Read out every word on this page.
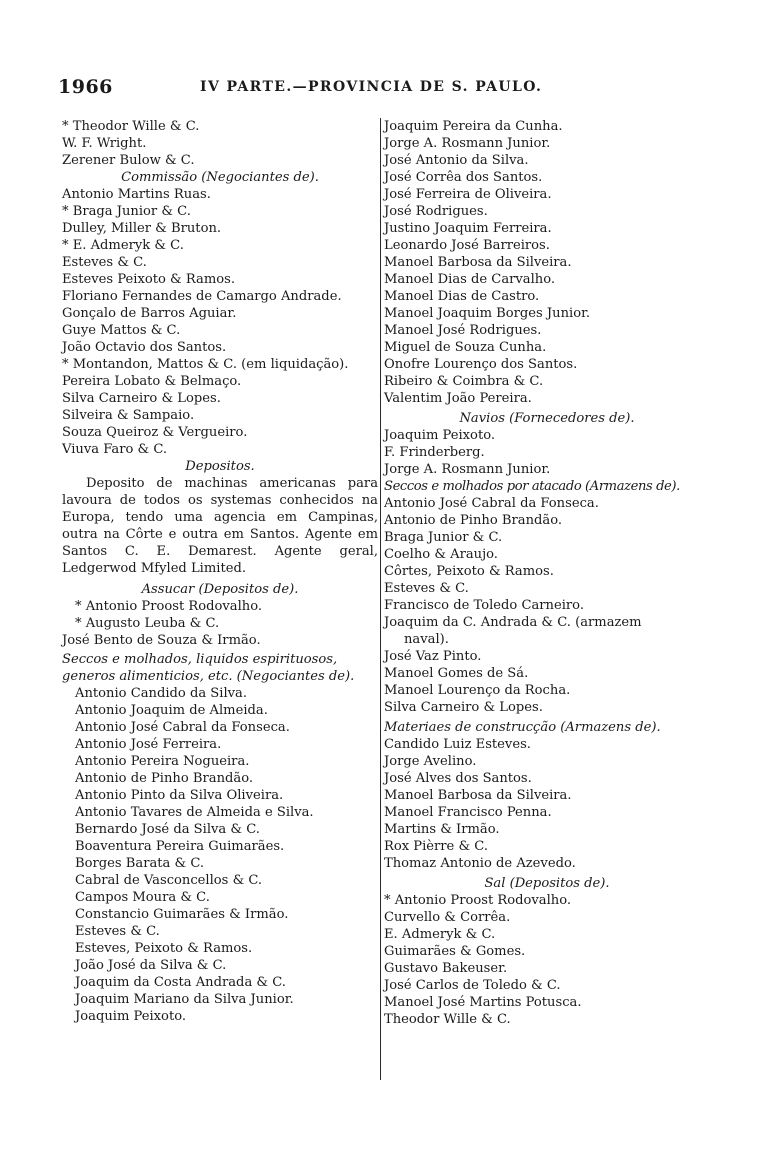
1966	IV PARTE.—PROVINCIA DE S. PAULO.
* Theodor Wille & C.
W. F. Wright.
Zerener Bulow & C.
Commissão (Negociantes de).
Antonio Martins Ruas.
* Braga Junior & C.
Dulley, Miller & Bruton.
* E. Admeryk & C.
Esteves & C.
Esteves Peixoto & Ramos.
Floriano Fernandes de Camargo Andrade.
Gonçalo de Barros Aguiar.
Guye Mattos & C.
João Octavio dos Santos.
* Montandon, Mattos & C. (em liquidação).
Pereira Lobato & Belmaço.
Silva Carneiro & Lopes.
Silveira & Sampaio.
Souza Queiroz & Vergueiro.
Viuva Faro & C.
Depositos.
Deposito de machinas americanas para lavoura de todos os systemas conhecidos na Europa, tendo uma agencia em Campinas, outra na Côrte e outra em Santos. Agente em Santos C. E. Demarest. Agente geral, Ledgerwod Mfyled Limited.
Assucar (Depositos de).
* Antonio Proost Rodovalho.
* Augusto Leuba & C.
José Bento de Souza & Irmão.
Seccos e molhados, liquidos espirituosos,
generos alimenticios, etc. (Negociantes de).
Antonio Candido da Silva.
Antonio Joaquim de Almeida.
Antonio José Cabral da Fonseca.
Antonio José Ferreira.
Antonio Pereira Nogueira.
Antonio de Pinho Brandão.
Antonio Pinto da Silva Oliveira.
Antonio Tavares de Almeida e Silva.
Bernardo José da Silva & C.
Boaventura Pereira Guimarães.
Borges Barata & C.
Cabral de Vasconcellos & C.
Campos Moura & C.
Constancio Guimarães & Irmão.
Esteves & C.
Esteves, Peixoto & Ramos.
João José da Silva & C.
Joaquim da Costa Andrada & C.
Joaquim Mariano da Silva Junior.
Joaquim Peixoto.
Joaquim Pereira da Cunha.
Jorge A. Rosmann Junior.
José Antonio da Silva.
José Corrêa dos Santos.
José Ferreira de Oliveira.
José Rodrigues.
Justino Joaquim Ferreira.
Leonardo José Barreiros.
Manoel Barbosa da Silveira.
Manoel Dias de Carvalho.
Manoel Dias de Castro.
Manoel Joaquim Borges Junior.
Manoel José Rodrigues.
Miguel de Souza Cunha.
Onofre Lourenço dos Santos.
Ribeiro & Coimbra & C.
Valentim João Pereira.
Navios (Fornecedores de).
Joaquim Peixoto.
F. Frinderberg.
Jorge A. Rosmann Junior.
Seccos e molhados por atacado (Armazens de).
Antonio José Cabral da Fonseca.
Antonio de Pinho Brandão.
Braga Junior & C.
Coelho & Araujo.
Côrtes, Peixoto & Ramos.
Esteves & C.
Francisco de Toledo Carneiro.
Joaquim da C. Andrada & C. (armazem
naval).
José Vaz Pinto.
Manoel Gomes de Sá.
Manoel Lourenço da Rocha.
Silva Carneiro & Lopes.
Materiaes de construcção (Armazens de).
Candido Luiz Esteves.
Jorge Avelino.
José Alves dos Santos.
Manoel Barbosa da Silveira.
Manoel Francisco Penna.
Martins & Irmão.
Rox Pièrre & C.
Thomaz Antonio de Azevedo.
Sal (Depositos de).
* Antonio Proost Rodovalho.
Curvello & Corrêa.
E. Admeryk & C.
Guimarães & Gomes.
Gustavo Bakeuser.
José Carlos de Toledo & C.
Manoel José Martins Potusca.
Theodor Wille & C.
